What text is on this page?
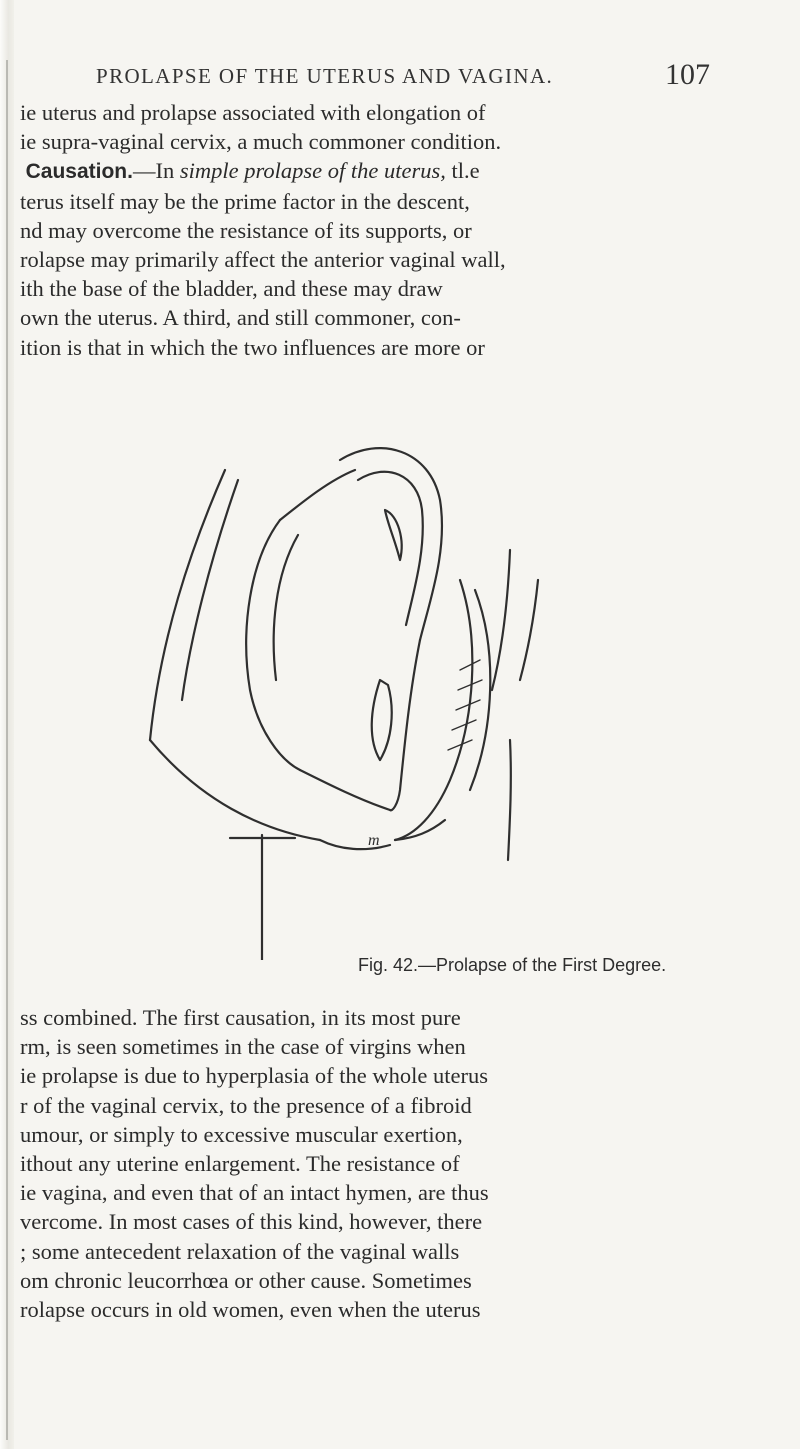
PROLAPSE OF THE UTERUS AND VAGINA.	107

ie uterus and prolapse associated with elongation of

ie supra-vaginal cervix, a much commoner condition.

Causation.—In simple prolapse of the uterus, tl.e

terus itself may be the prime factor in the descent,

nd may overcome the resistance of its supports, or

rolapse may primarily affect the anterior vaginal wall,

ith the base of the bladder, and these may draw

own the uterus. A third, and still commoner, con-

ition is that in which the two influences are more or

m
Fig. 42.—Prolapse of the First Degree.

ss combined. The first causation, in its most pure

rm, is seen sometimes in the case of virgins when

ie prolapse is due to hyperplasia of the whole uterus

r of the vaginal cervix, to the presence of a fibroid

umour, or simply to excessive muscular exertion,

ithout any uterine enlargement. The resistance of

ie vagina, and even that of an intact hymen, are thus

vercome. In most cases of this kind, however, there

; some antecedent relaxation of the vaginal walls

om chronic leucorrhœa or other cause. Sometimes

rolapse occurs in old women, even when the uterus
